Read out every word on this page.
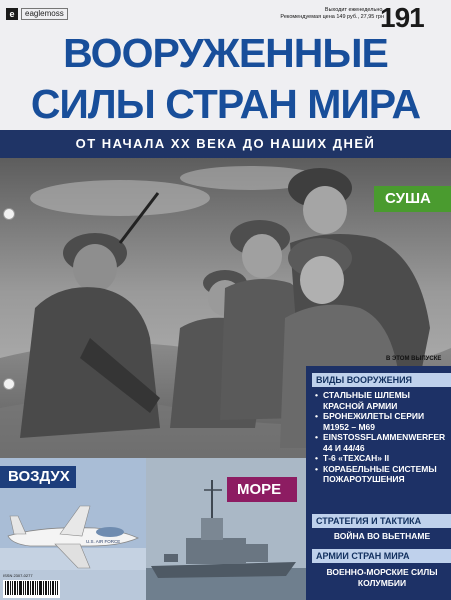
e	eaglemoss	Выходит еженедельно.
Рекомендуемая цена 149 руб., 27,95 грн
191
ВООРУЖЕННЫЕ
СИЛЫ СТРАН МИРА
ОТ НАЧАЛА XX ВЕКА ДО НАШИХ ДНЕЙ
СУША
В ЭТОМ ВЫПУСКЕ
ВИДЫ ВООРУЖЕНИЯ
• СТАЛЬНЫЕ ШЛЕМЫ КРАСНОЙ АРМИИ
• БРОНЕЖИЛЕТЫ СЕРИИ M1952 – M69
• EINSTOSSFLAMMENWERFER 44 И 44/46
• Т-6 «ТЕХСАН» II
• КОРАБЕЛЬНЫЕ СИСТЕМЫ ПОЖАРОТУШЕНИЯ
СТРАТЕГИЯ И ТАКТИКА
ВОЙНА ВО ВЬЕТНАМЕ
АРМИИ СТРАН МИРА
ВОЕННО-МОРСКИЕ СИЛЫ КОЛУМБИИ
U.S. AIR FORCE
ВОЗДУХ
МОРЕ
ISSN 2307-0277
